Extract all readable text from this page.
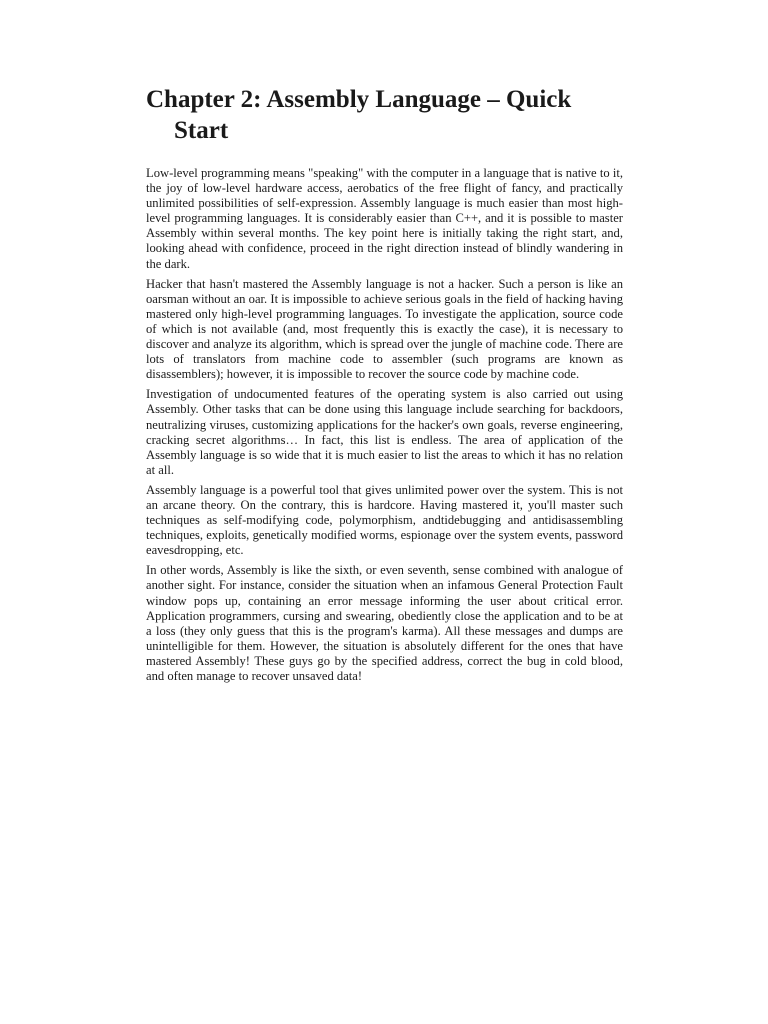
Chapter 2: Assembly Language – Quick Start

Low-level programming means "speaking" with the computer in a language that is native to it, the joy of low-level hardware access, aerobatics of the free flight of fancy, and practically unlimited possibilities of self-expression. Assembly language is much easier than most high-level programming languages. It is considerably easier than C++, and it is possible to master Assembly within several months. The key point here is initially taking the right start, and, looking ahead with confidence, proceed in the right direction instead of blindly wandering in the dark.

Hacker that hasn't mastered the Assembly language is not a hacker. Such a person is like an oarsman without an oar. It is impossible to achieve serious goals in the field of hacking having mastered only high-level programming languages. To investigate the application, source code of which is not available (and, most frequently this is exactly the case), it is necessary to discover and analyze its algorithm, which is spread over the jungle of machine code. There are lots of translators from machine code to assembler (such programs are known as disassemblers); however, it is impossible to recover the source code by machine code.

Investigation of undocumented features of the operating system is also carried out using Assembly. Other tasks that can be done using this language include searching for backdoors, neutralizing viruses, customizing applications for the hacker's own goals, reverse engineering, cracking secret algorithms… In fact, this list is endless. The area of application of the Assembly language is so wide that it is much easier to list the areas to which it has no relation at all.

Assembly language is a powerful tool that gives unlimited power over the system. This is not an arcane theory. On the contrary, this is hardcore. Having mastered it, you'll master such techniques as self-modifying code, polymorphism, andtidebugging and antidisassembling techniques, exploits, genetically modified worms, espionage over the system events, password eavesdropping, etc.

In other words, Assembly is like the sixth, or even seventh, sense combined with analogue of another sight. For instance, consider the situation when an infamous General Protection Fault window pops up, containing an error message informing the user about critical error. Application programmers, cursing and swearing, obediently close the application and to be at a loss (they only guess that this is the program's karma). All these messages and dumps are unintelligible for them. However, the situation is absolutely different for the ones that have mastered Assembly! These guys go by the specified address, correct the bug in cold blood, and often manage to recover unsaved data!
